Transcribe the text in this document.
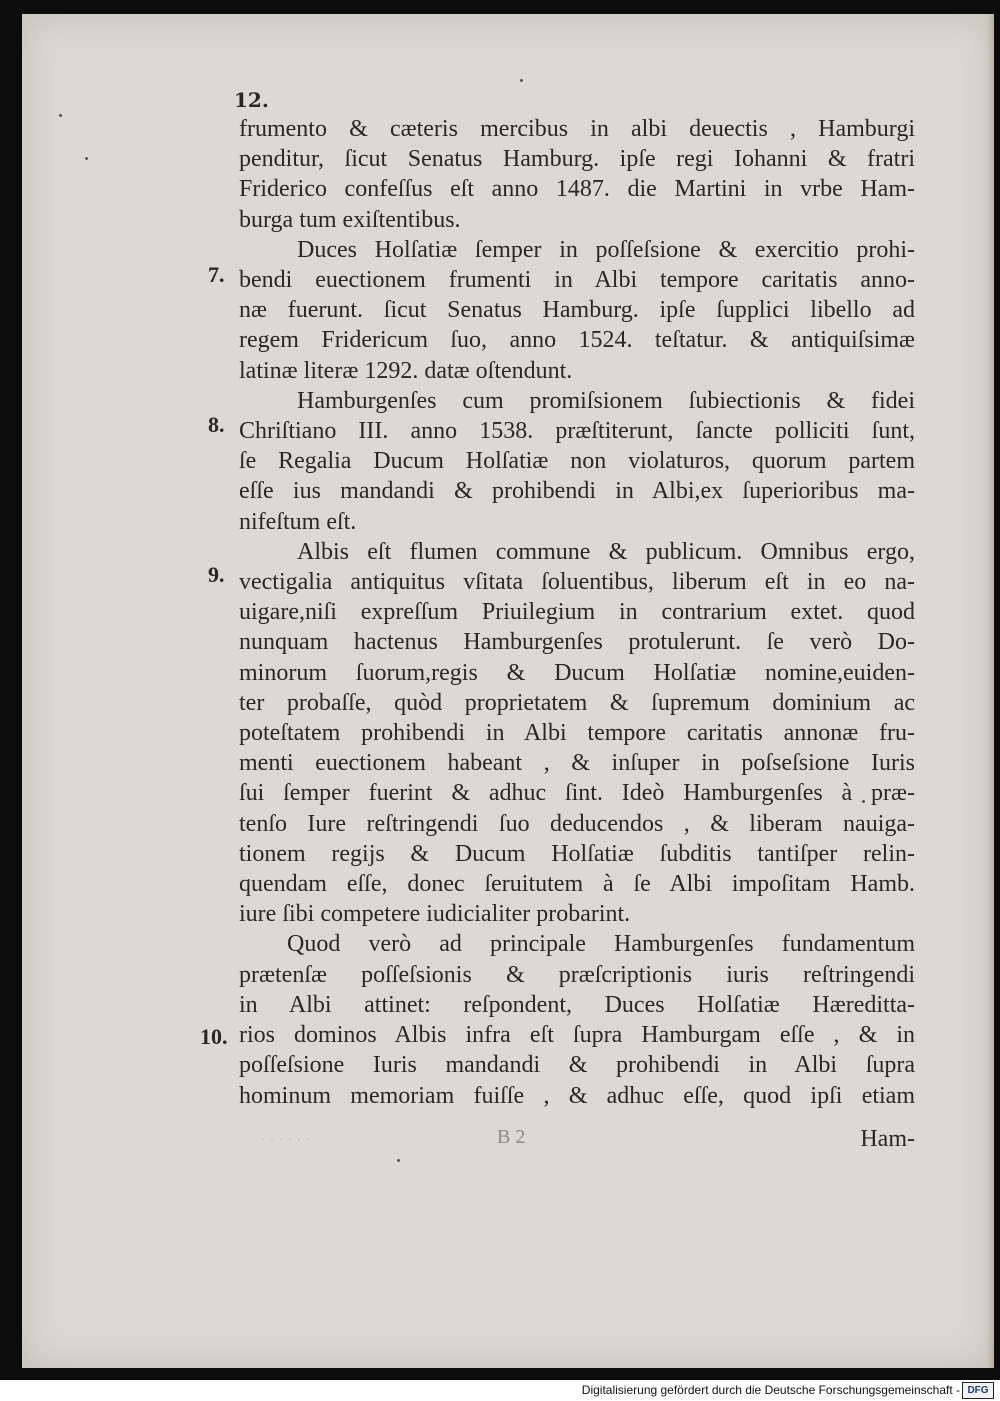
12.
7.
8.
9.
10.
frumento & cæteris mercibus in albi deuectis , Hamburgi
penditur, ſicut Senatus Hamburg. ipſe regi Iohanni & fratri
Friderico confeſſus eſt anno 1487. die Martini in vrbe Ham-
burga tum exiſtentibus.
Duces Holſatiæ ſemper in poſſeſsione & exercitio prohi-
bendi euectionem frumenti in Albi tempore caritatis anno-
næ fuerunt. ſicut Senatus Hamburg. ipſe ſupplici libello ad
regem Fridericum ſuo, anno 1524. teſtatur. & antiquiſsimæ
latinæ literæ 1292. datæ oſtendunt.
Hamburgenſes cum promiſsionem ſubiectionis & fidei
Chriſtiano III. anno 1538. præſtiterunt, ſancte polliciti ſunt,
ſe Regalia Ducum Holſatiæ non violaturos, quorum partem
eſſe ius mandandi & prohibendi in Albi,ex ſuperioribus ma-
nifeſtum eſt.
Albis eſt flumen commune & publicum. Omnibus ergo,
vectigalia antiquitus vſitata ſoluentibus, liberum eſt in eo na-
uigare,niſi expreſſum Priuilegium in contrarium extet. quod
nunquam hactenus Hamburgenſes protulerunt. ſe verò Do-
minorum ſuorum,regis & Ducum Holſatiæ nomine,euiden-
ter probaſſe, quòd proprietatem & ſupremum dominium ac
poteſtatem prohibendi in Albi tempore caritatis annonæ fru-
menti euectionem habeant , & inſuper in poſseſsione Iuris
ſui ſemper fuerint & adhuc ſint. Ideò Hamburgenſes à præ-
tenſo Iure reſtringendi ſuo deducendos , & liberam nauiga-
tionem regijs & Ducum Holſatiæ ſubditis tantiſper relin-
quendam eſſe, donec ſeruitutem à ſe Albi impoſitam Hamb.
iure ſibi competere iudicialiter probarint.
Quod verò ad principale Hamburgenſes fundamentum
prætenſæ poſſeſsionis & præſcriptionis iuris reſtringendi
in Albi attinet: reſpondent, Duces Holſatiæ Hæreditta-
rios dominos Albis infra eſt ſupra Hamburgam eſſe , & in
poſſeſsione Iuris mandandi & prohibendi in Albi ſupra
hominum memoriam fuiſſe , & adhuc eſſe, quod ipſi etiam
· · · · · ·	B 2	Ham-
Digitalisierung gefördert durch die Deutsche Forschungsgemeinschaft - DFG
